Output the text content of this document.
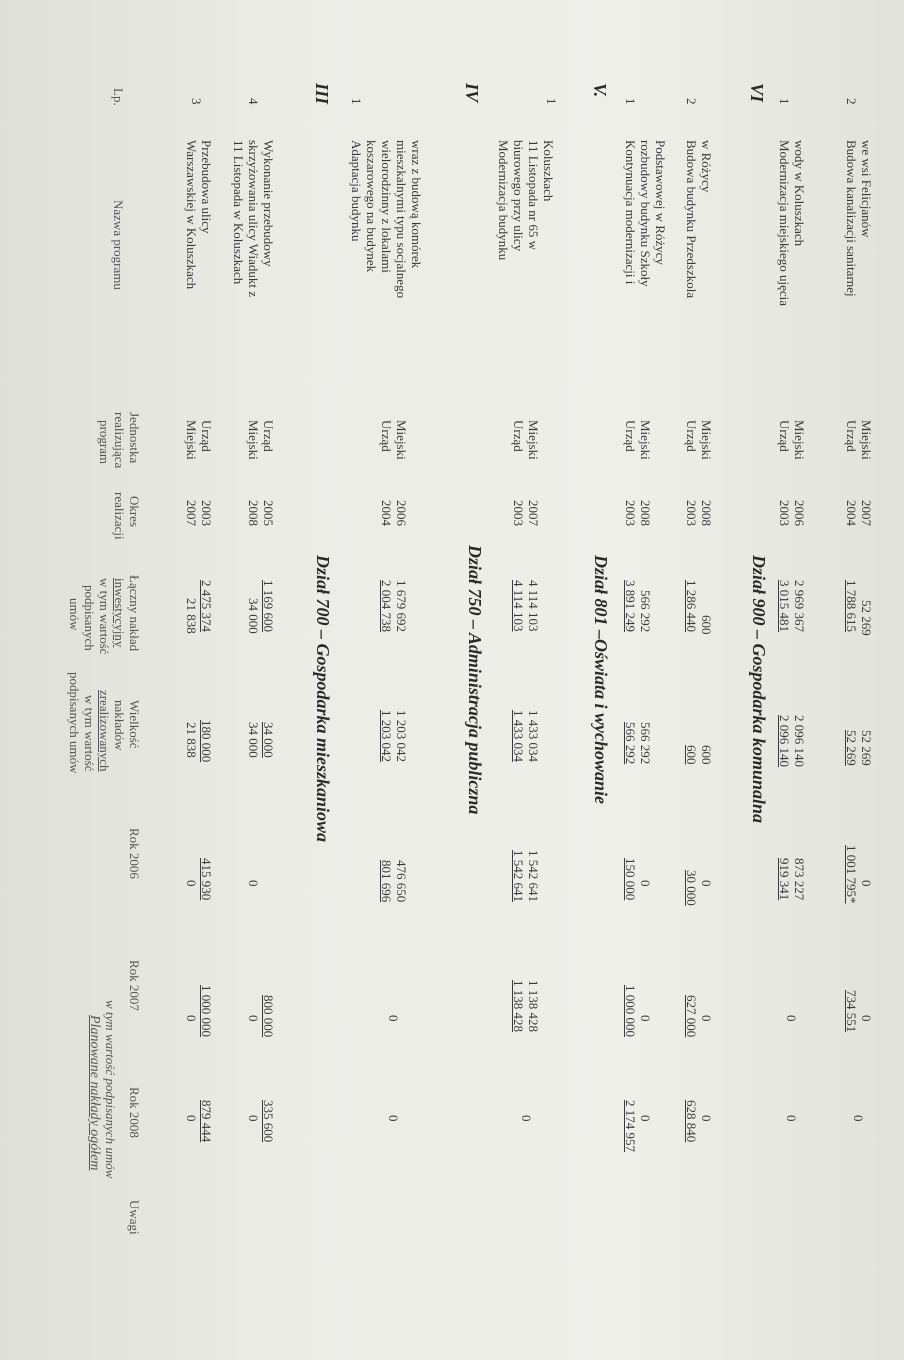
Lp.
Nazwa programu
Jednostka
realizująca
program
Okres
realizacji
Łączny nakład
inwestycyjny
w tym wartość
podpisanych
umów
Wielkość
nakładów
zrealizowanych
w tym wartość
podpisanych umów
Planowane nakłady ogółem w tym wartość podpisanych umów
Rok 2006
Rok 2007
Rok 2008
Uwagi
3
Przebudowa ulicy
Warszawskiej w Koluszkach
Urząd
Miejski
2003
2007
2 475 374
21 838
180 000
21 838
415 930
0
1 000 000
0
879 444
0
4
Wykonanie przebudowy
skrzyżowania ulicy Wiadukt z
11 Listopada w Koluszkach
Urząd
Miejski
2005
2008
1 169 600
34 000
34 000
34 000
0
800 000
0
335 600
0
III
Dział 700 – Gospodarka mieszkaniowa
1
Adaptacja budynku koszarowego na budynek wielorodzinny z lokalami mieszkalnymi typu socjalnego wraz z budową komórek
Urząd Miejski
2004 2006
2 004 738 1 679 692
1 203 042 1 203 042
801 696 476 650
0
0
IV
Dział 750 – Administracja publiczna
1
Modernizacja budynku biurowego przy ulicy 11 Listopada nr 65 w Koluszkach
Urząd Miejski
2003 2007
4 114 103 4 114 103
1 433 034 1 433 034
1 542 641 1 542 641
1 138 428 1 138 428
0
V.
Dział 801 –Oświata i wychowanie
1
Kontynuacja modernizacji i rozbudowy budynku Szkoły Podstawowej w Różycy
Urząd Miejski
2003 2008
3 891 249 566 292
566 292 566 292
150 000 0
1 000 000 0
2 174 957 0
2
Budowa budynku Przedszkola w Różycy
Urząd Miejski
2003 2008
1 286 440 600
600 600
30 000 0
627 000 0
628 840 0
VI
Dział 900 – Gospodarka komunalna
1
Modernizacja miejskiego ujęcia wody w Koluszkach
Urząd Miejski
2003 2006
3 015 481 2 969 367
2 096 140 2 096 140
919 341 873 227
0
0
2
Budowa kanalizacji sanitarnej we wsi Felicjanów
Urząd Miejski
2004 2007
1 788 615 52 269
52 269 52 269
1 001 795* 0
734 551 0
0
